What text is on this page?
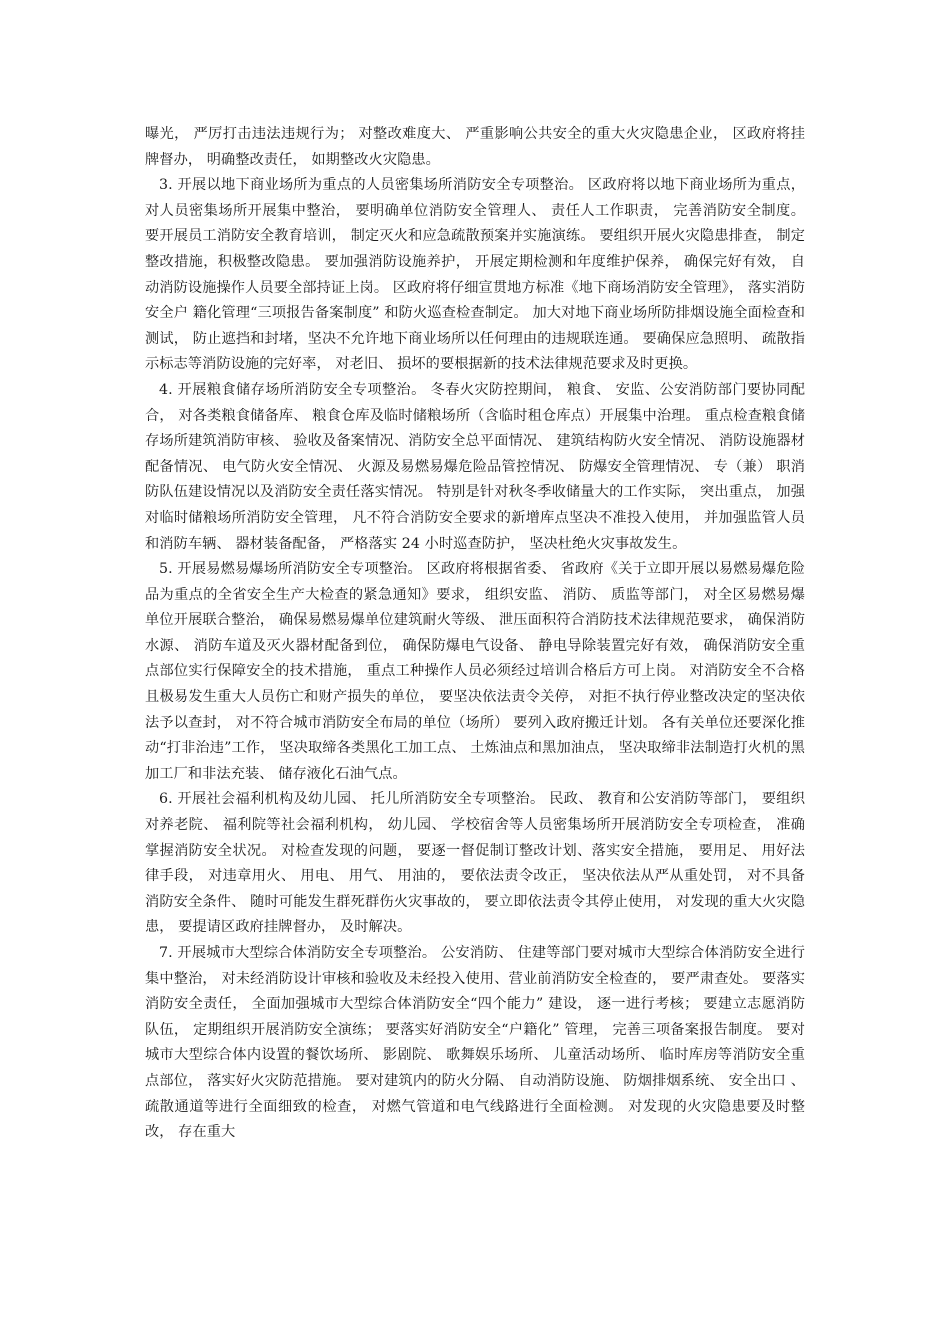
曝光， 严厉打击违法违规行为； 对整改难度大、 严重影响公共安全的重大火灾隐患企业， 区政府将挂牌督办， 明确整改责任， 如期整改火灾隐患。

3. 开展以地下商业场所为重点的人员密集场所消防安全专项整治。 区政府将以地下商业场所为重点， 对人员密集场所开展集中整治， 要明确单位消防安全管理人、 责任人工作职责， 完善消防安全制度。 要开展员工消防安全教育培训， 制定灭火和应急疏散预案并实施演练。 要组织开展火灾隐患排查， 制定整改措施，积极整改隐患。 要加强消防设施养护， 开展定期检测和年度维护保养， 确保完好有效， 自动消防设施操作人员要全部持证上岗。 区政府将仔细宣贯地方标准《地下商场消防安全管理》， 落实消防安全户 籍化管理“三项报告备案制度” 和防火巡查检查制定。 加大对地下商业场所防排烟设施全面检查和测试， 防止遮挡和封堵，坚决不允许地下商业场所以任何理由的违规联连通。 要确保应急照明、 疏散指示标志等消防设施的完好率， 对老旧、 损坏的要根据新的技术法律规范要求及时更换。

4. 开展粮食储存场所消防安全专项整治。 冬春火灾防控期间， 粮食、 安监、公安消防部门要协同配合， 对各类粮食储备库、 粮食仓库及临时储粮场所（含临时租仓库点）开展集中治理。 重点检查粮食储存场所建筑消防审核、 验收及备案情况、消防安全总平面情况、 建筑结构防火安全情况、 消防设施器材配备情况、 电气防火安全情况、 火源及易燃易爆危险品管控情况、 防爆安全管理情况、 专（兼） 职消防队伍建设情况以及消防安全责任落实情况。 特别是针对秋冬季收储量大的工作实际， 突出重点， 加强对临时储粮场所消防安全管理， 凡不符合消防安全要求的新增库点坚决不准投入使用， 并加强监管人员和消防车辆、 器材装备配备， 严格落实 24 小时巡查防护， 坚决杜绝火灾事故发生。

5. 开展易燃易爆场所消防安全专项整治。 区政府将根据省委、 省政府《关于立即开展以易燃易爆危险品为重点的全省安全生产大检查的紧急通知》要求， 组织安监、 消防、 质监等部门， 对全区易燃易爆单位开展联合整治， 确保易燃易爆单位建筑耐火等级、 泄压面积符合消防技术法律规范要求， 确保消防水源、 消防车道及灭火器材配备到位， 确保防爆电气设备、 静电导除装置完好有效， 确保消防安全重点部位实行保障安全的技术措施， 重点工种操作人员必须经过培训合格后方可上岗。 对消防安全不合格且极易发生重大人员伤亡和财产损失的单位， 要坚决依法责令关停， 对拒不执行停业整改决定的坚决依法予以查封， 对不符合城市消防安全布局的单位（场所） 要列入政府搬迁计划。 各有关单位还要深化推动“打非治违”工作， 坚决取缔各类黑化工加工点、 土炼油点和黑加油点， 坚决取缔非法制造打火机的黑加工厂和非法充装、 储存液化石油气点。

6. 开展社会福利机构及幼儿园、 托儿所消防安全专项整治。 民政、 教育和公安消防等部门， 要组织对养老院、 福利院等社会福利机构， 幼儿园、 学校宿舍等人员密集场所开展消防安全专项检查， 准确掌握消防安全状况。 对检查发现的问题， 要逐一督促制订整改计划、落实安全措施， 要用足、 用好法律手段， 对违章用火、 用电、 用气、 用油的， 要依法责令改正， 坚决依法从严从重处罚， 对不具备消防安全条件、 随时可能发生群死群伤火灾事故的， 要立即依法责令其停止使用， 对发现的重大火灾隐患， 要提请区政府挂牌督办， 及时解决。

7. 开展城市大型综合体消防安全专项整治。 公安消防、 住建等部门要对城市大型综合体消防安全进行集中整治， 对未经消防设计审核和验收及未经投入使用、营业前消防安全检查的， 要严肃查处。 要落实消防安全责任， 全面加强城市大型综合体消防安全“四个能力” 建设， 逐一进行考核； 要建立志愿消防队伍， 定期组织开展消防安全演练； 要落实好消防安全“户籍化” 管理， 完善三项备案报告制度。 要对城市大型综合体内设置的餐饮场所、 影剧院、 歌舞娱乐场所、 儿童活动场所、 临时库房等消防安全重点部位， 落实好火灾防范措施。 要对建筑内的防火分隔、 自动消防设施、 防烟排烟系统、 安全出口 、 疏散通道等进行全面细致的检查， 对燃气管道和电气线路进行全面检测。 对发现的火灾隐患要及时整改， 存在重大
